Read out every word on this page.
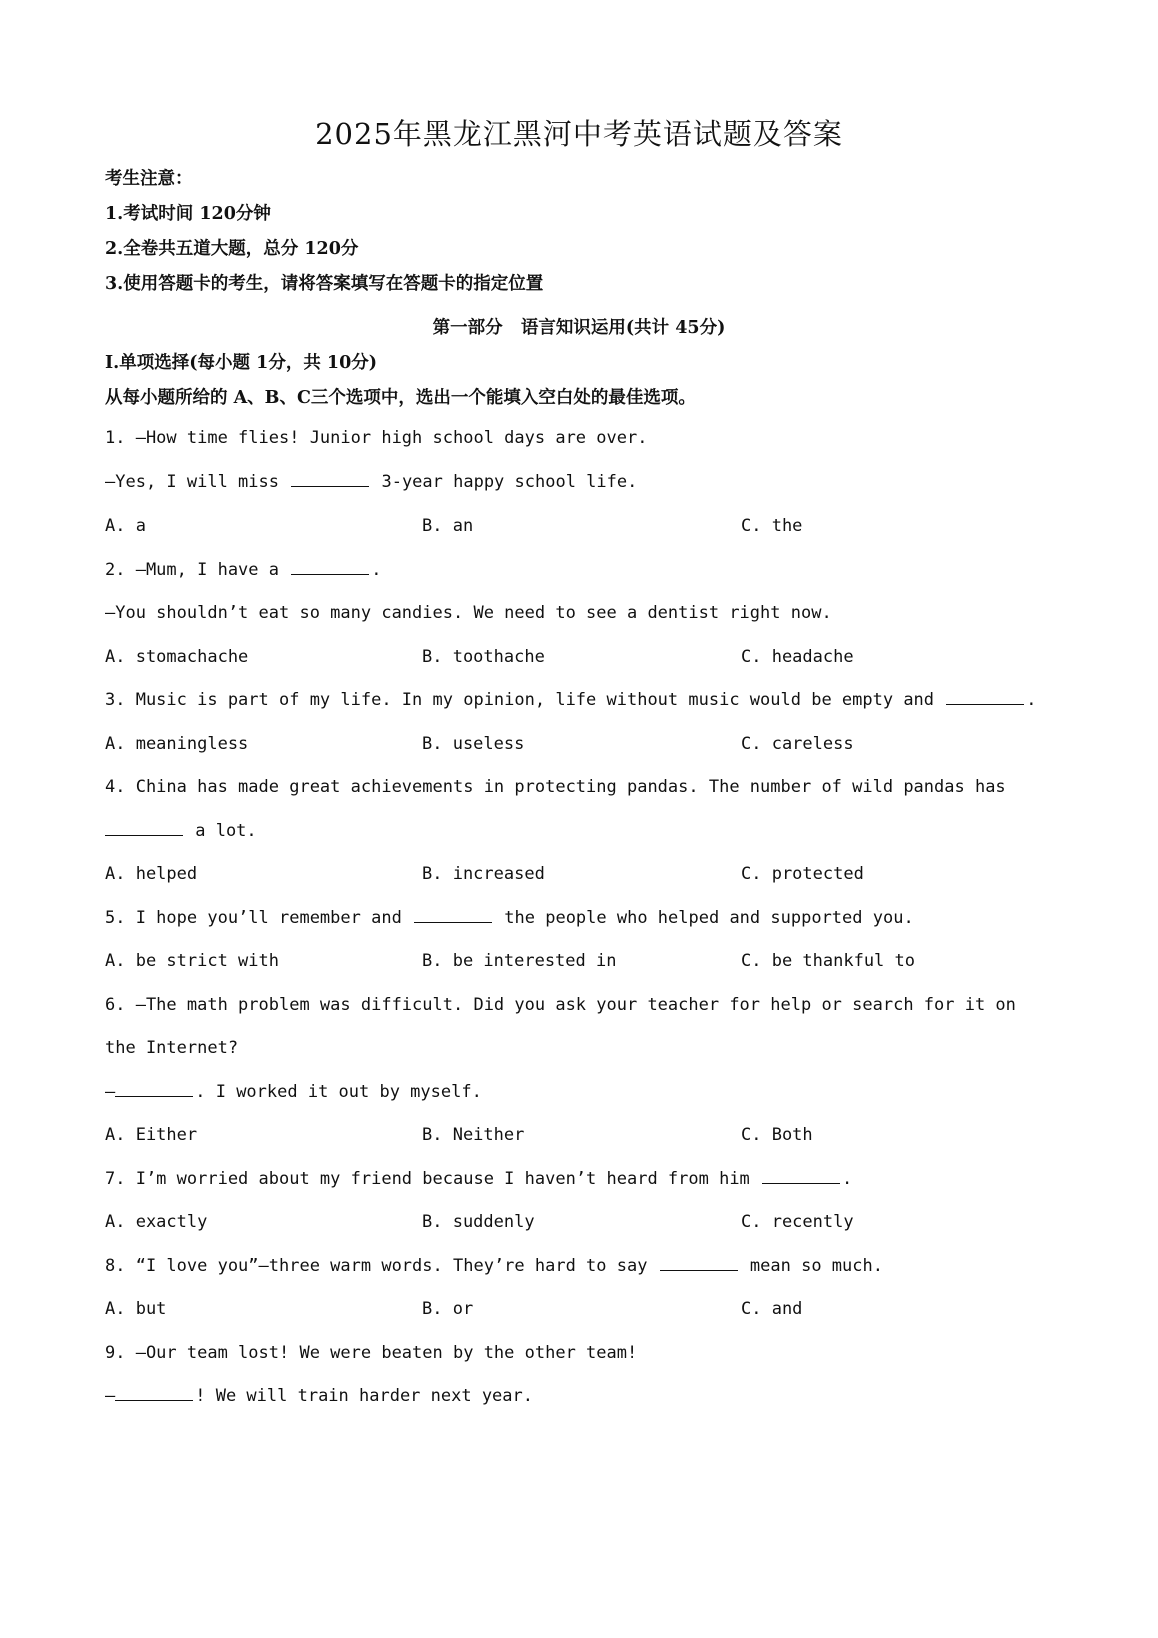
2025年黑龙江黑河中考英语试题及答案
考生注意：
1.考试时间 120分钟
2.全卷共五道大题，总分 120分
3.使用答题卡的考生，请将答案填写在答题卡的指定位置
第一部分   语言知识运用(共计 45分)
I.单项选择(每小题 1分，共 10分)
从每小题所给的 A、B、C三个选项中，选出一个能填入空白处的最佳选项。
1. —How time flies! Junior high school days are over.
—Yes, I will miss	3-year happy school life.
A. a	B. an	C. the
2. —Mum, I have a	.
—You shouldn’t eat so many candies. We need to see a dentist right now.
A. stomachache	B. toothache	C. headache
3. Music is part of my life. In my opinion, life without music would be empty and	.
A. meaningless	B. useless	C. careless
4. China has made great achievements in protecting pandas. The number of wild pandas has
a lot.
A. helped	B. increased	C. protected
5. I hope you’ll remember and	the people who helped and supported you.
A. be strict with	B. be interested in	C. be thankful to
6. —The math problem was difficult. Did you ask your teacher for help or search for it on
the Internet?
—	. I worked it out by myself.
A. Either	B. Neither	C. Both
7. I’m worried about my friend because I haven’t heard from him	.
A. exactly	B. suddenly	C. recently
8. “I love you”—three warm words. They’re hard to say	mean so much.
A. but	B. or	C. and
9. —Our team lost! We were beaten by the other team!
—	! We will train harder next year.
